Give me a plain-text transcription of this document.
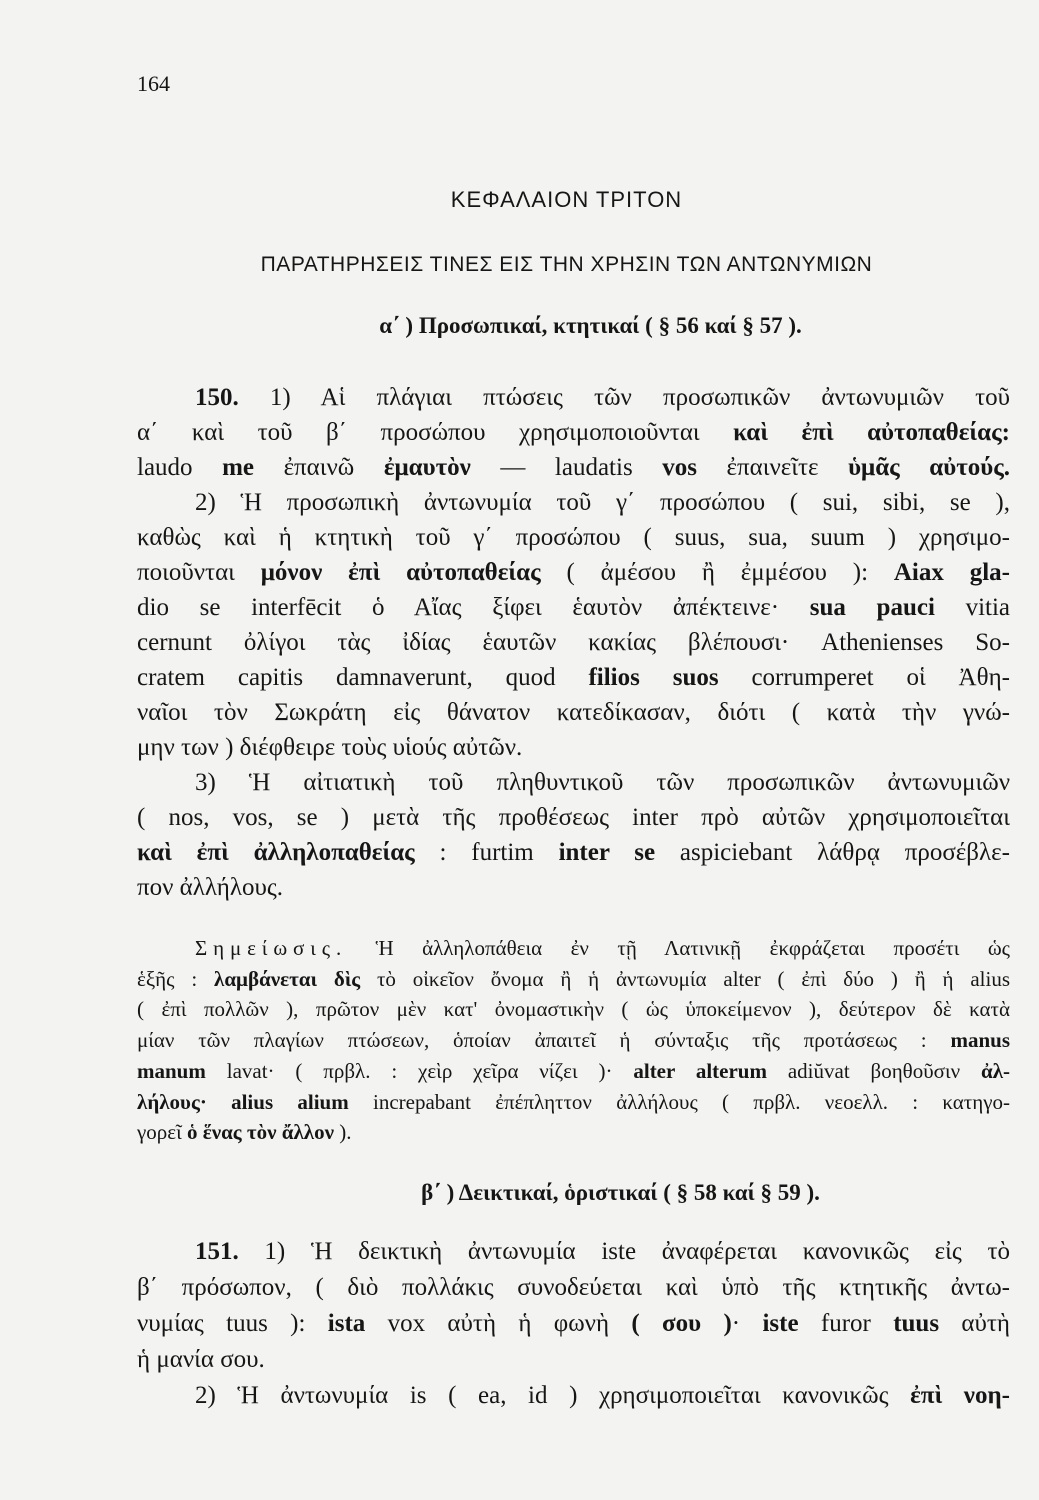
164
ΚΕΦΑΛΑΙΟΝ ΤΡΙΤΟΝ
ΠΑΡΑΤΗΡΗΣΕΙΣ ΤΙΝΕΣ ΕΙΣ ΤΗΝ ΧΡΗΣΙΝ ΤΩΝ ΑΝΤΩΝΥΜΙΩΝ
α΄ ) Προσωπικαί, κτητικαί ( § 56 καί § 57 ).
150. 1) Αἱ πλάγιαι πτώσεις τῶν προσωπικῶν ἀντωνυμιῶν τοῦ
α΄ καὶ τοῦ β΄ προσώπου χρησιμοποιοῦνται καὶ ἐπὶ αὐτοπαθείας:
laudo me ἐπαινῶ ἐμαυτὸν — laudatis vos ἐπαινεῖτε ὑμᾶς αὐτούς.
2) Ἡ προσωπικὴ ἀντωνυμία τοῦ γ΄ προσώπου ( sui, sibi, se ),
καθὼς καὶ ἡ κτητικὴ τοῦ γ΄ προσώπου ( suus, sua, suum ) χρησιμο-
ποιοῦνται μόνον ἐπὶ αὐτοπαθείας ( ἀμέσου ἢ ἐμμέσου ): Aiax gla-
dio se interfēcit ὁ Αἴας ξίφει ἑαυτὸν ἀπέκτεινε· sua pauci vitia
cernunt ὀλίγοι τὰς ἰδίας ἑαυτῶν κακίας βλέπουσι· Athenienses So-
cratem capitis damnaverunt, quod filios suos corrumperet οἱ Ἀθη-
ναῖοι τὸν Σωκράτη εἰς θάνατον κατεδίκασαν, διότι ( κατὰ τὴν γνώ-
μην των ) διέφθειρε τοὺς υἱούς αὐτῶν.
3) Ἡ αἰτιατικὴ τοῦ πληθυντικοῦ τῶν προσωπικῶν ἀντωνυμιῶν
( nos, vos, se ) μετὰ τῆς προθέσεως inter πρὸ αὐτῶν χρησιμοποιεῖται
καὶ ἐπὶ ἀλληλοπαθείας : furtim inter se aspiciebant λάθρᾳ προσέβλε-
πον ἀλλήλους.
Σημείωσις. Ἡ ἀλληλοπάθεια ἐν τῇ Λατινικῇ ἐκφράζεται προσέτι ὡς
ἑξῆς : λαμβάνεται δὶς τὸ οἰκεῖον ὄνομα ἢ ἡ ἀντωνυμία alter ( ἐπὶ δύο ) ἢ ἡ alius
( ἐπὶ πολλῶν ), πρῶτον μὲν κατ' ὀνομαστικὴν ( ὡς ὑποκείμενον ), δεύτερον δὲ κατὰ
μίαν τῶν πλαγίων πτώσεων, ὁποίαν ἀπαιτεῖ ἡ σύνταξις τῆς προτάσεως : manus
manum lavat· ( πρβλ. : χεὶρ χεῖρα νίζει )· alter alterum adiŭvat βοηθοῦσιν ἀλ-
λήλους· alius alium increpabant ἐπέπληττον ἀλλήλους ( πρβλ. νεοελλ. : κατηγο-
γορεῖ ὁ ἕνας τὸν ἄλλον ).
β΄ ) Δεικτικαί, ὁριστικαί ( § 58 καί § 59 ).
151. 1) Ἡ δεικτικὴ ἀντωνυμία iste ἀναφέρεται κανονικῶς εἰς τὸ
β΄ πρόσωπον, ( διὸ πολλάκις συνοδεύεται καὶ ὑπὸ τῆς κτητικῆς ἀντω-
νυμίας tuus ): ista vox αὐτὴ ἡ φωνὴ ( σου )· iste furor tuus αὐτὴ
ἡ μανία σου.
2) Ἡ ἀντωνυμία is ( ea, id ) χρησιμοποιεῖται κανονικῶς ἐπὶ νοη-
